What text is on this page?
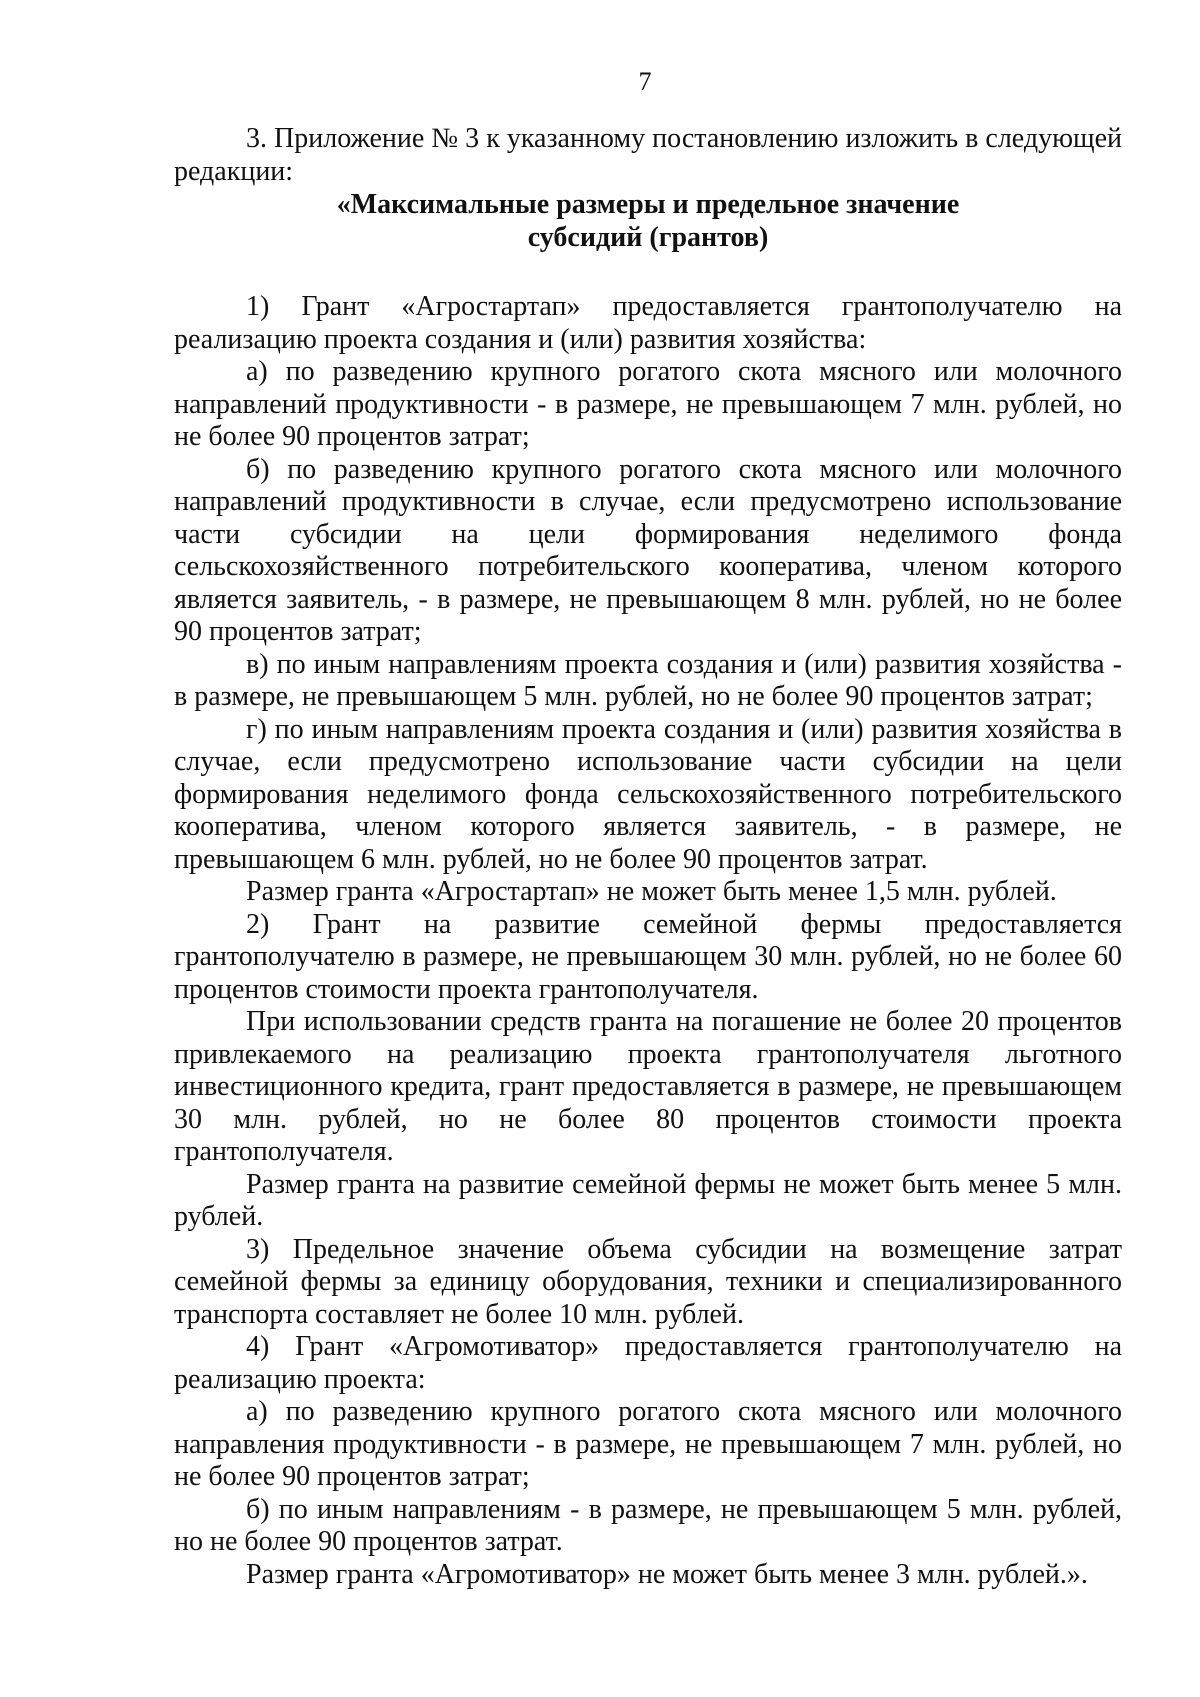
7

3. Приложение № 3 к указанному постановлению изложить в следующей редакции:

«Максимальные размеры и предельное значение
субсидий (грантов)

1) Грант «Агростартап» предоставляется грантополучателю на реализацию проекта создания и (или) развития хозяйства:

а) по разведению крупного рогатого скота мясного или молочного направлений продуктивности - в размере, не превышающем 7 млн. рублей, но не более 90 процентов затрат;

б) по разведению крупного рогатого скота мясного или молочного направлений продуктивности в случае, если предусмотрено использование части субсидии на цели формирования неделимого фонда сельскохозяйственного потребительского кооператива, членом которого является заявитель, - в размере, не превышающем 8 млн. рублей, но не более 90 процентов затрат;

в) по иным направлениям проекта создания и (или) развития хозяйства - в размере, не превышающем 5 млн. рублей, но не более 90 процентов затрат;

г) по иным направлениям проекта создания и (или) развития хозяйства в случае, если предусмотрено использование части субсидии на цели формирования неделимого фонда сельскохозяйственного потребительского кооператива, членом которого является заявитель, - в размере, не превышающем 6 млн. рублей, но не более 90 процентов затрат.

Размер гранта «Агростартап» не может быть менее 1,5 млн. рублей.

2) Грант на развитие семейной фермы предоставляется грантополучателю в размере, не превышающем 30 млн. рублей, но не более 60 процентов стоимости проекта грантополучателя.

При использовании средств гранта на погашение не более 20 процентов привлекаемого на реализацию проекта грантополучателя льготного инвестиционного кредита, грант предоставляется в размере, не превышающем 30 млн. рублей, но не более 80 процентов стоимости проекта грантополучателя.

Размер гранта на развитие семейной фермы не может быть менее 5 млн. рублей.

3) Предельное значение объема субсидии на возмещение затрат семейной фермы за единицу оборудования, техники и специализированного транспорта составляет не более 10 млн. рублей.

4) Грант «Агромотиватор» предоставляется грантополучателю на реализацию проекта:

а) по разведению крупного рогатого скота мясного или молочного направления продуктивности - в размере, не превышающем 7 млн. рублей, но не более 90 процентов затрат;

б) по иным направлениям - в размере, не превышающем 5 млн. рублей, но не более 90 процентов затрат.

Размер гранта «Агромотиватор» не может быть менее 3 млн. рублей.».
